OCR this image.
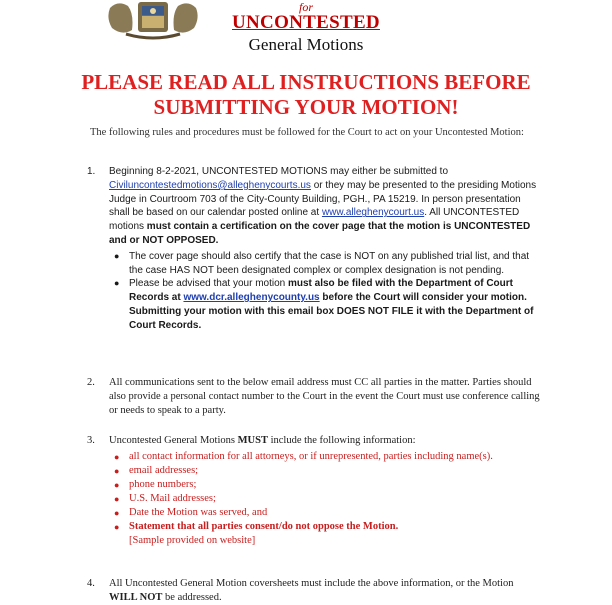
for
UNCONTESTED
General Motions
PLEASE READ ALL INSTRUCTIONS BEFORE
SUBMITTING YOUR MOTION!
The following rules and procedures must be followed for the Court to act on your Uncontested Motion:
1. Beginning 8-2-2021, UNCONTESTED MOTIONS may either be submitted to Civiluncontestedmotions@alleghenycourts.us or they may be presented to the presiding Motions Judge in Courtroom 703 of the City-County Building, PGH., PA 15219. In person presentation shall be based on our calendar posted online at www.alleghenycourt.us. All UNCONTESTED motions must contain a certification on the cover page that the motion is UNCONTESTED and or NOT OPPOSED.
● The cover page should also certify that the case is NOT on any published trial list, and that the case HAS NOT been designated complex or complex designation is not pending.
● Please be advised that your motion must also be filed with the Department of Court Records at www.dcr.alleghenycounty.us before the Court will consider your motion. Submitting your motion with this email box DOES NOT FILE it with the Department of Court Records.
2. All communications sent to the below email address must CC all parties in the matter. Parties should also provide a personal contact number to the Court in the event the Court must use conference calling or needs to speak to a party.
3. Uncontested General Motions MUST include the following information:
● all contact information for all attorneys, or if unrepresented, parties including name(s).
● email addresses;
● phone numbers;
● U.S. Mail addresses;
● Date the Motion was served, and
● Statement that all parties consent/do not oppose the Motion.
[Sample provided on website]
4. All Uncontested General Motion coversheets must include the above information, or the Motion WILL NOT be addressed.
